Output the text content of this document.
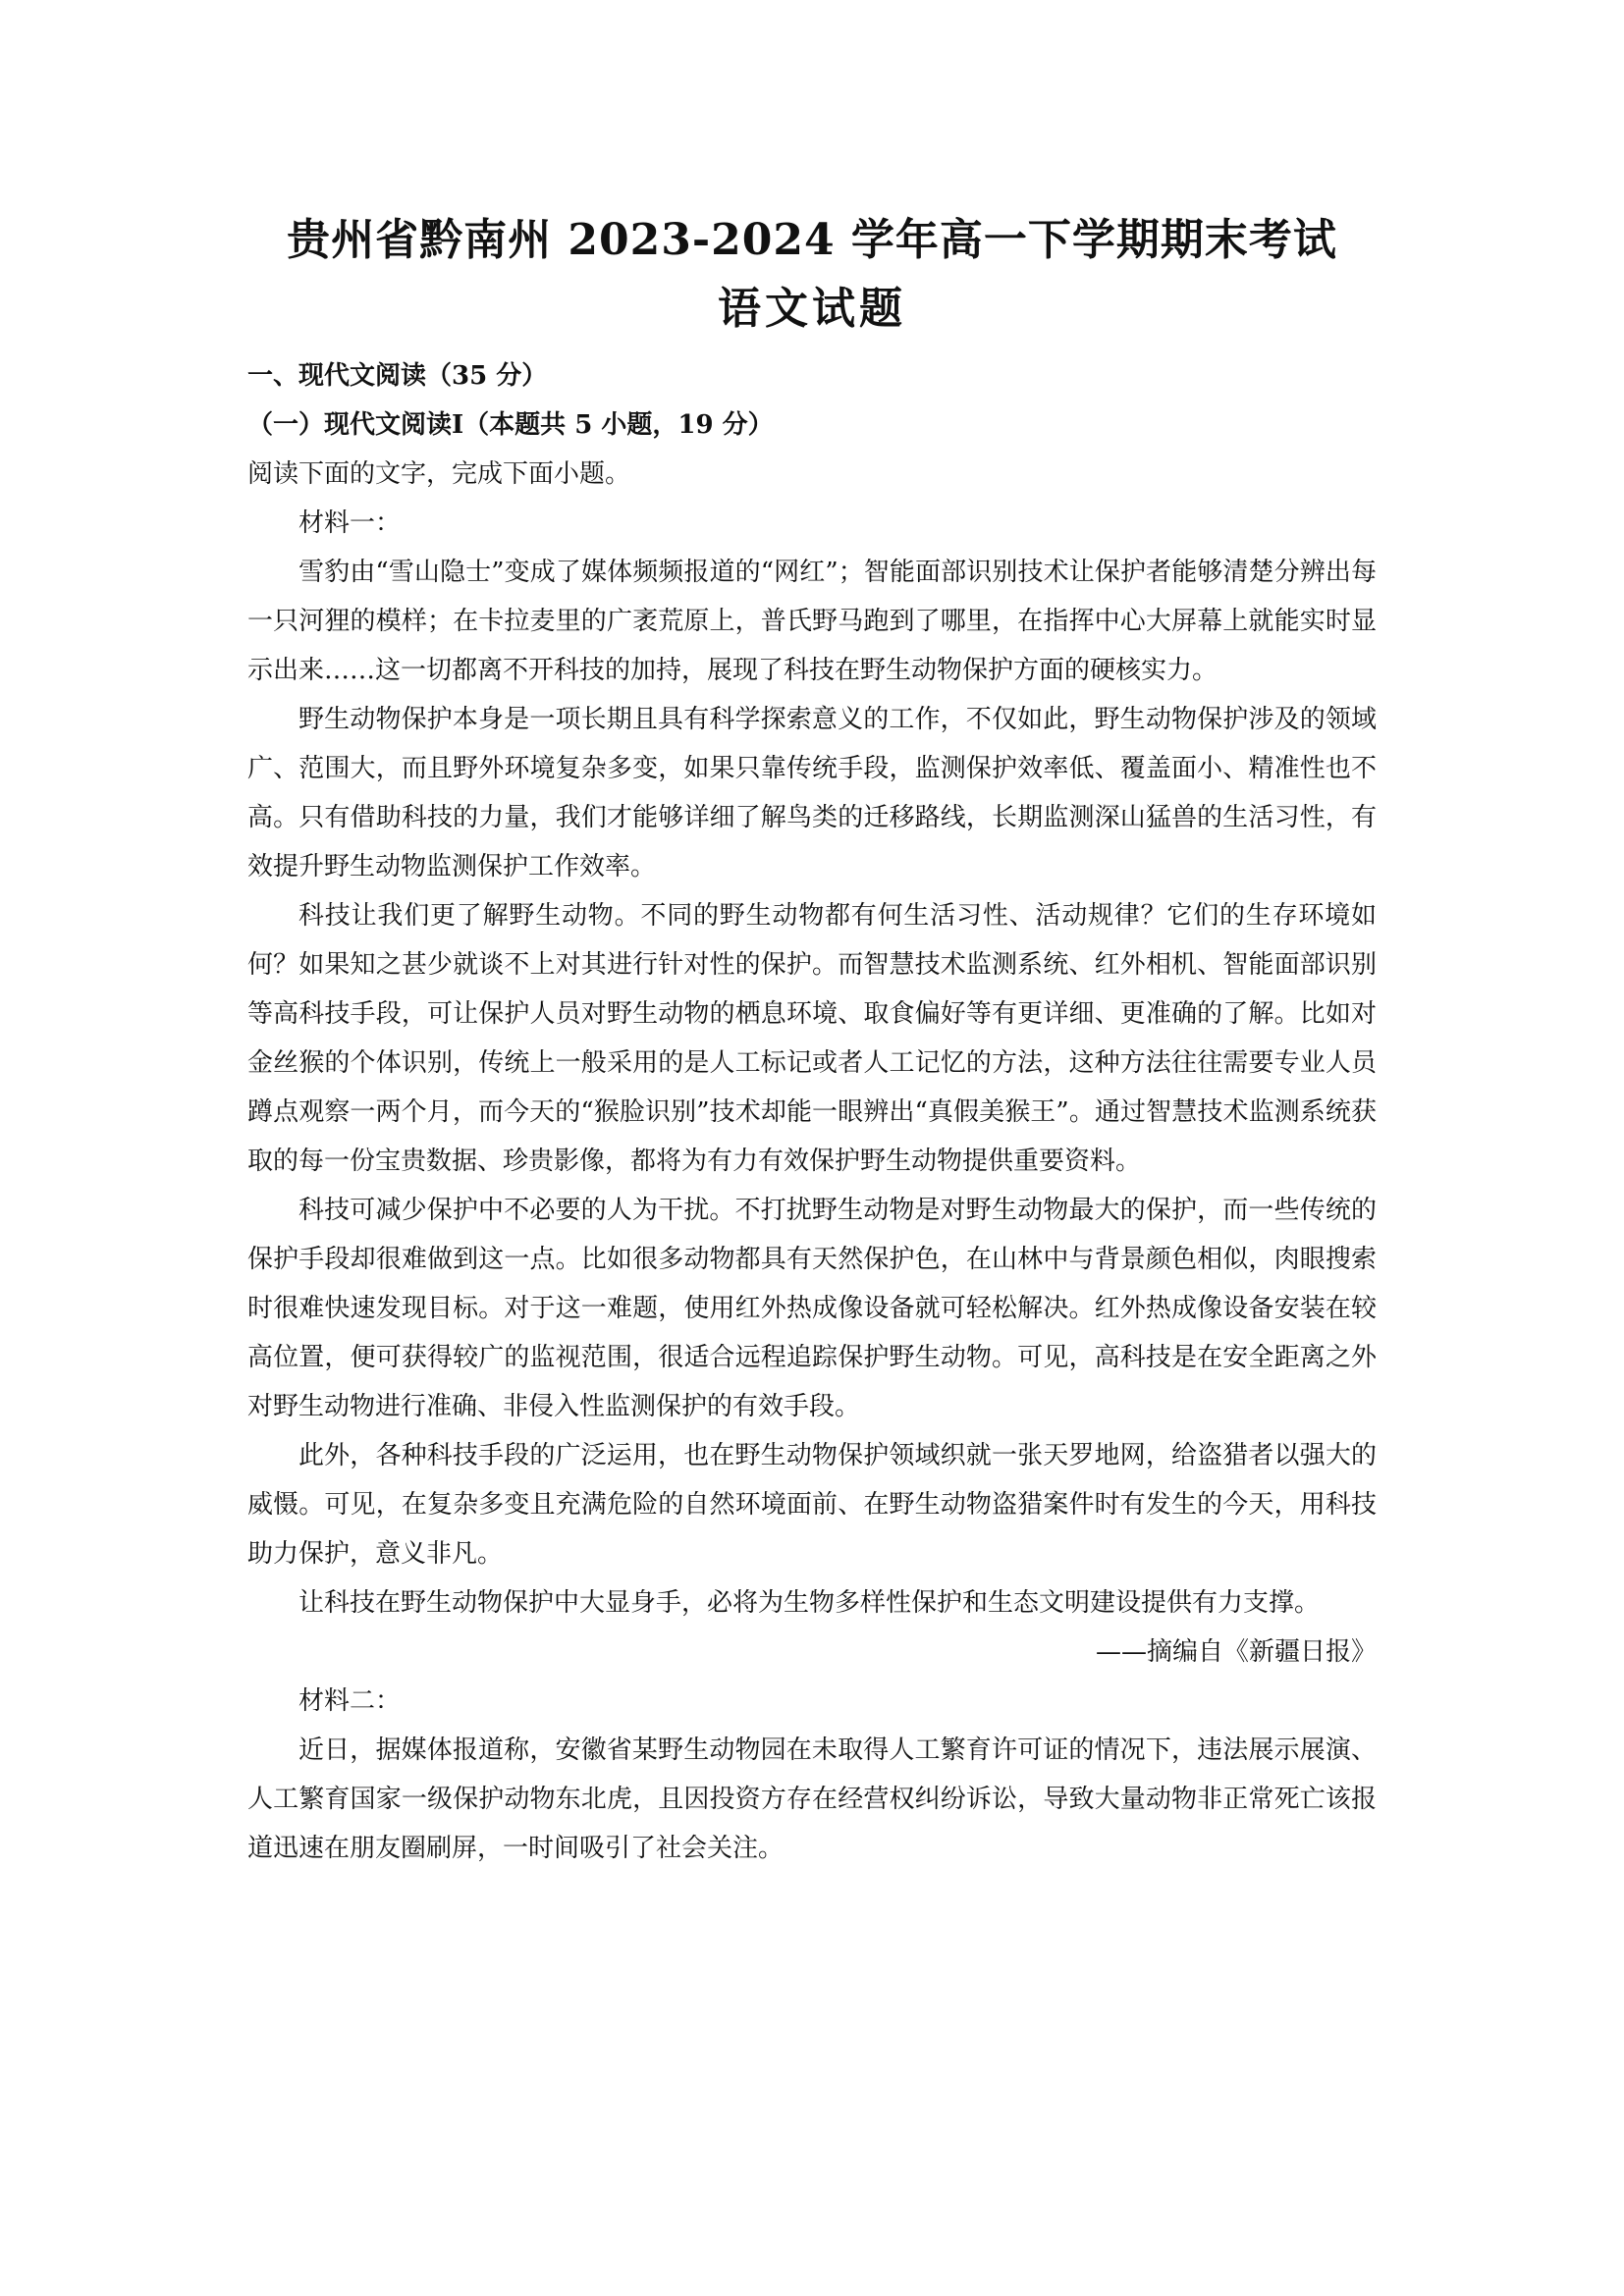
贵州省黔南州 2023-2024 学年高一下学期期末考试
语文试题

一、现代文阅读（35 分）

（一）现代文阅读Ⅰ（本题共 5 小题，19 分）

阅读下面的文字，完成下面小题。

材料一：

雪豹由“雪山隐士”变成了媒体频频报道的“网红”；智能面部识别技术让保护者能够清楚分辨出每一只河狸的模样；在卡拉麦里的广袤荒原上，普氏野马跑到了哪里，在指挥中心大屏幕上就能实时显示出来……这一切都离不开科技的加持，展现了科技在野生动物保护方面的硬核实力。

野生动物保护本身是一项长期且具有科学探索意义的工作，不仅如此，野生动物保护涉及的领域广、范围大，而且野外环境复杂多变，如果只靠传统手段，监测保护效率低、覆盖面小、精准性也不高。只有借助科技的力量，我们才能够详细了解鸟类的迁移路线，长期监测深山猛兽的生活习性，有效提升野生动物监测保护工作效率。

科技让我们更了解野生动物。不同的野生动物都有何生活习性、活动规律？它们的生存环境如何？如果知之甚少就谈不上对其进行针对性的保护。而智慧技术监测系统、红外相机、智能面部识别等高科技手段，可让保护人员对野生动物的栖息环境、取食偏好等有更详细、更准确的了解。比如对金丝猴的个体识别，传统上一般采用的是人工标记或者人工记忆的方法，这种方法往往需要专业人员蹲点观察一两个月，而今天的“猴脸识别”技术却能一眼辨出“真假美猴王”。通过智慧技术监测系统获取的每一份宝贵数据、珍贵影像，都将为有力有效保护野生动物提供重要资料。

科技可减少保护中不必要的人为干扰。不打扰野生动物是对野生动物最大的保护，而一些传统的保护手段却很难做到这一点。比如很多动物都具有天然保护色，在山林中与背景颜色相似，肉眼搜索时很难快速发现目标。对于这一难题，使用红外热成像设备就可轻松解决。红外热成像设备安装在较高位置，便可获得较广的监视范围，很适合远程追踪保护野生动物。可见，高科技是在安全距离之外对野生动物进行准确、非侵入性监测保护的有效手段。

此外，各种科技手段的广泛运用，也在野生动物保护领域织就一张天罗地网，给盗猎者以强大的威慑。可见，在复杂多变且充满危险的自然环境面前、在野生动物盗猎案件时有发生的今天，用科技助力保护，意义非凡。

让科技在野生动物保护中大显身手，必将为生物多样性保护和生态文明建设提供有力支撑。

——摘编自《新疆日报》

材料二：

近日，据媒体报道称，安徽省某野生动物园在未取得人工繁育许可证的情况下，违法展示展演、人工繁育国家一级保护动物东北虎，且因投资方存在经营权纠纷诉讼，导致大量动物非正常死亡该报道迅速在朋友圈刷屏，一时间吸引了社会关注。
